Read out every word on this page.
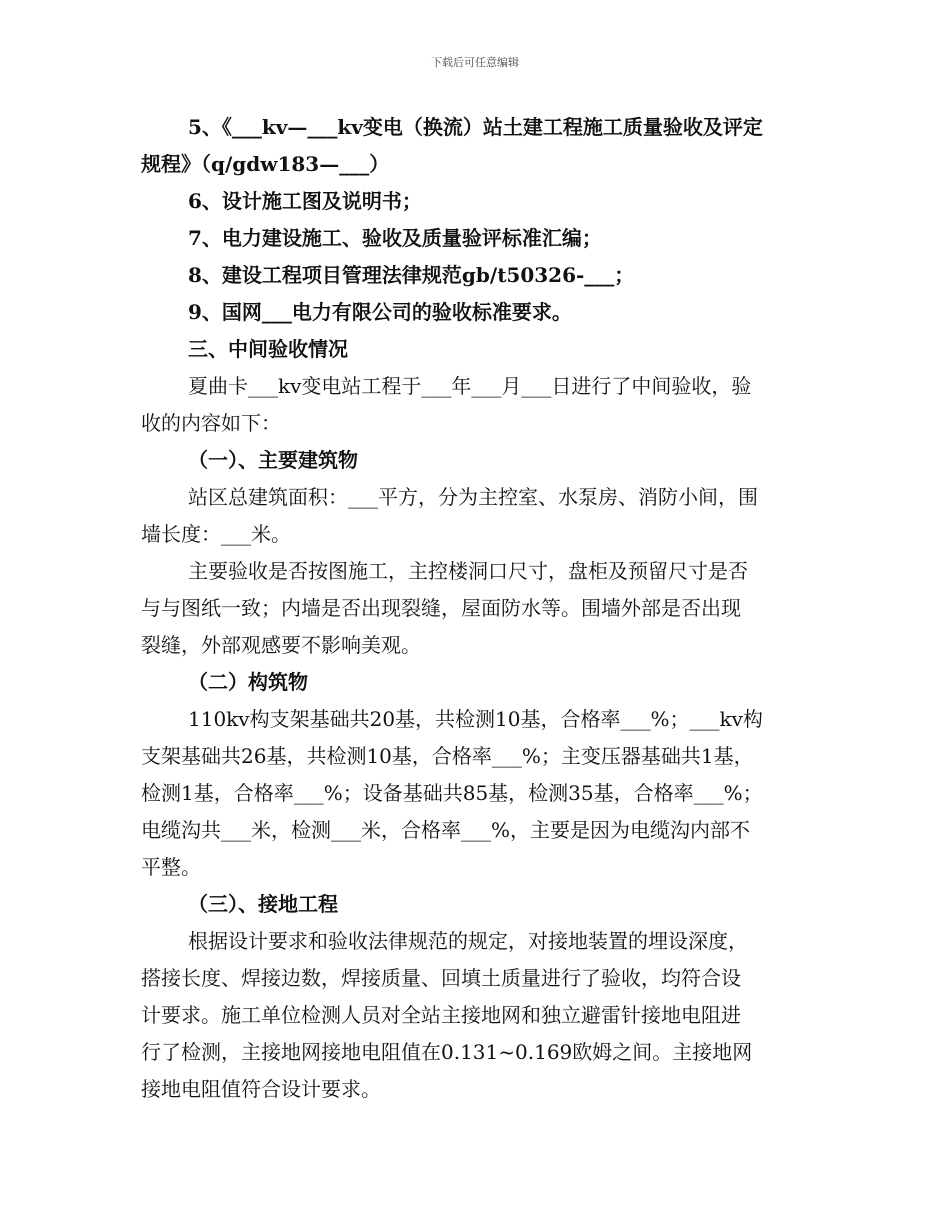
下载后可任意编辑
5、《___kv—___kv变电（换流）站土建工程施工质量验收及评定
规程》（q/gdw183—___）
6、设计施工图及说明书；
7、电力建设施工、验收及质量验评标准汇编；
8、建设工程项目管理法律规范gb/t50326-___；
9、国网___电力有限公司的验收标准要求。
三、中间验收情况
夏曲卡___kv变电站工程于___年___月___日进行了中间验收，验
收的内容如下：
（一）、主要建筑物
站区总建筑面积：___平方，分为主控室、水泵房、消防小间，围
墙长度：___米。
主要验收是否按图施工，主控楼洞口尺寸，盘柜及预留尺寸是否
与与图纸一致；内墙是否出现裂缝，屋面防水等。围墙外部是否出现
裂缝，外部观感要不影响美观。
（二）构筑物
110kv构支架基础共20基，共检测10基，合格率___%；___kv构
支架基础共26基，共检测10基，合格率___%；主变压器基础共1基，
检测1基，合格率___%；设备基础共85基，检测35基，合格率___%；
电缆沟共___米，检测___米，合格率___%，主要是因为电缆沟内部不
平整。
（三）、接地工程
根据设计要求和验收法律规范的规定，对接地装置的埋设深度，
搭接长度、焊接边数，焊接质量、回填土质量进行了验收，均符合设
计要求。施工单位检测人员对全站主接地网和独立避雷针接地电阻进
行了检测，主接地网接地电阻值在0.131~0.169欧姆之间。主接地网
接地电阻值符合设计要求。
